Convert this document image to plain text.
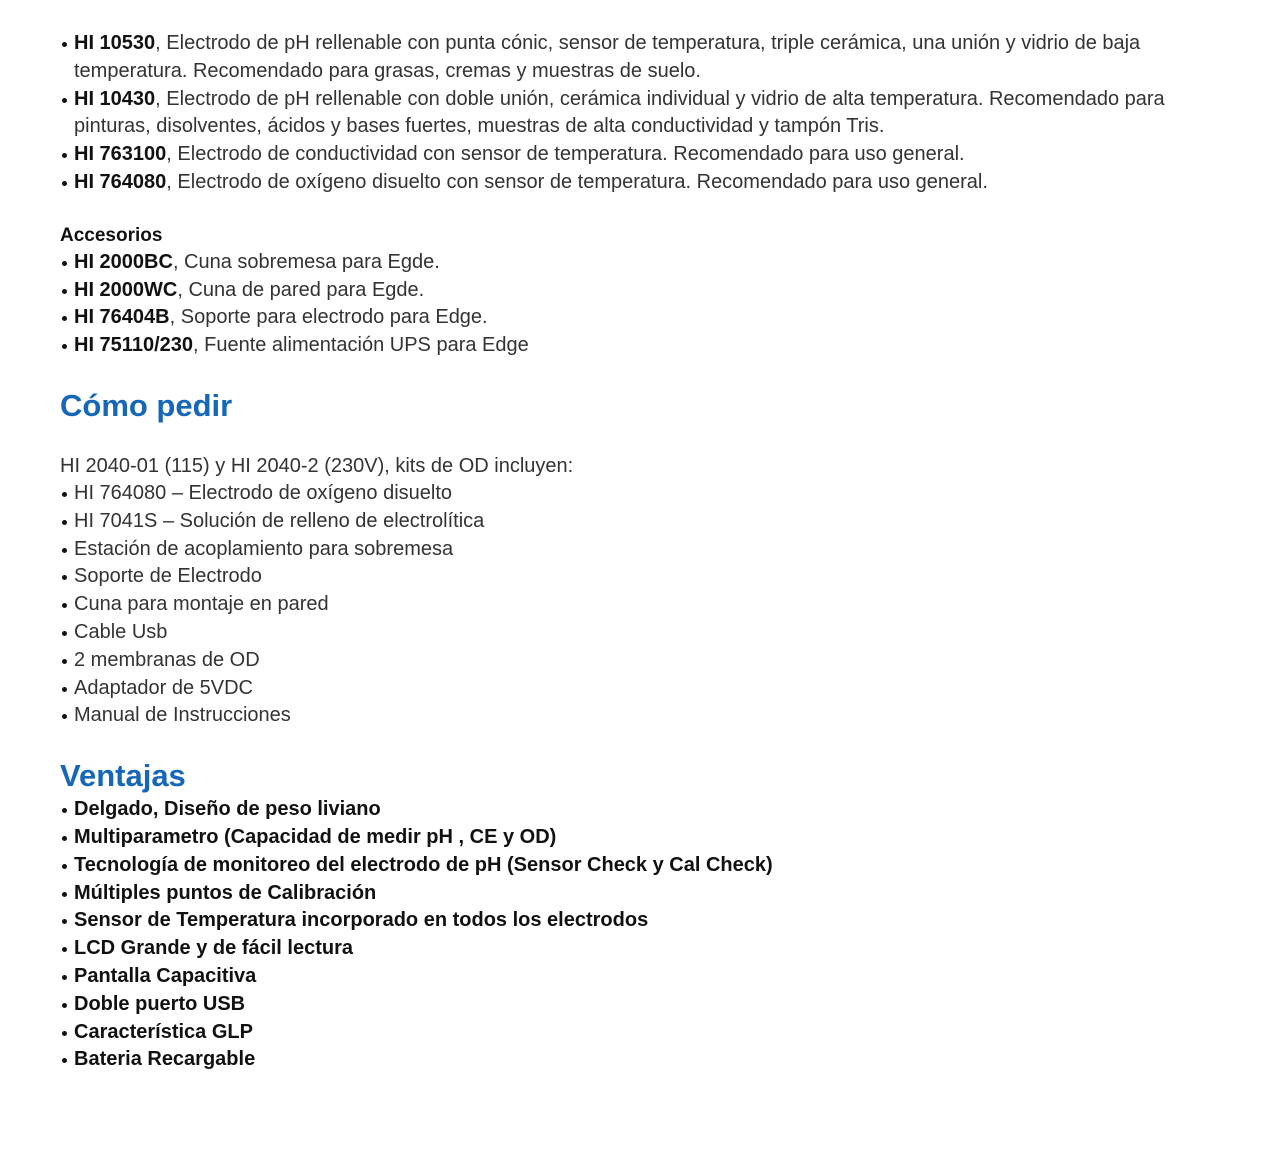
HI 10530, Electrodo de pH rellenable con punta cónic, sensor de temperatura, triple cerámica, una unión y vidrio de baja temperatura. Recomendado para grasas, cremas y muestras de suelo.
HI 10430, Electrodo de pH rellenable con doble unión, cerámica individual y vidrio de alta temperatura. Recomendado para pinturas, disolventes, ácidos y bases fuertes, muestras de alta conductividad y tampón Tris.
HI 763100, Electrodo de conductividad con sensor de temperatura. Recomendado para uso general.
HI 764080, Electrodo de oxígeno disuelto con sensor de temperatura. Recomendado para uso general.
Accesorios
HI 2000BC, Cuna sobremesa para Egde.
HI 2000WC, Cuna de pared para Egde.
HI 76404B, Soporte para electrodo para Edge.
HI 75110/230, Fuente alimentación UPS para Edge
Cómo pedir

HI 2040-01 (115) y HI 2040-2 (230V), kits de OD incluyen:

HI 764080 – Electrodo de oxígeno disuelto
HI 7041S – Solución de relleno de electrolítica
Estación de acoplamiento para sobremesa
Soporte de Electrodo
Cuna para montaje en pared
Cable Usb
2 membranas de OD
Adaptador de 5VDC
Manual de Instrucciones
Ventajas
Delgado, Diseño de peso liviano
Multiparametro (Capacidad de medir pH , CE y OD)
Tecnología de monitoreo del electrodo de pH (Sensor Check y Cal Check)
Múltiples puntos de Calibración
Sensor de Temperatura incorporado en todos los electrodos
LCD Grande y de fácil lectura
Pantalla Capacitiva
Doble puerto USB
Característica GLP
Bateria Recargable
